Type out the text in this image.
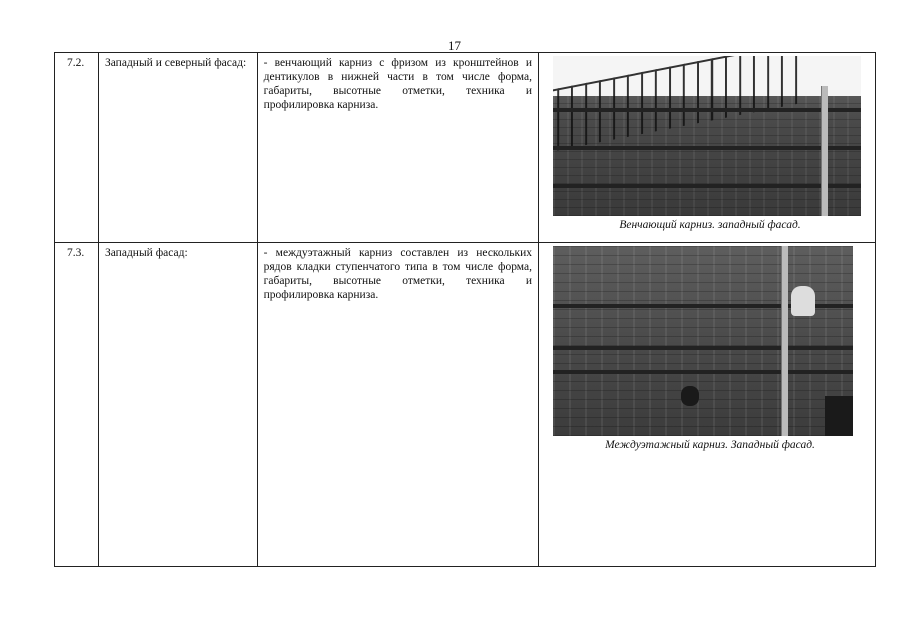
17
7.2.	Западный и северный фасад:	- венчающий карниз с фризом из кронштейнов и дентикулов в нижней части в том числе форма, габариты, высотные отметки, техника и профилировка карниза.	Венчающий карниз. западный фасад.

7.3.	Западный фасад:	- междуэтажный карниз составлен из нескольких рядов кладки ступенчатого типа в том числе форма, габариты, высотные отметки, техника и профилировка карниза.	Междуэтажный карниз. Западный фасад.
